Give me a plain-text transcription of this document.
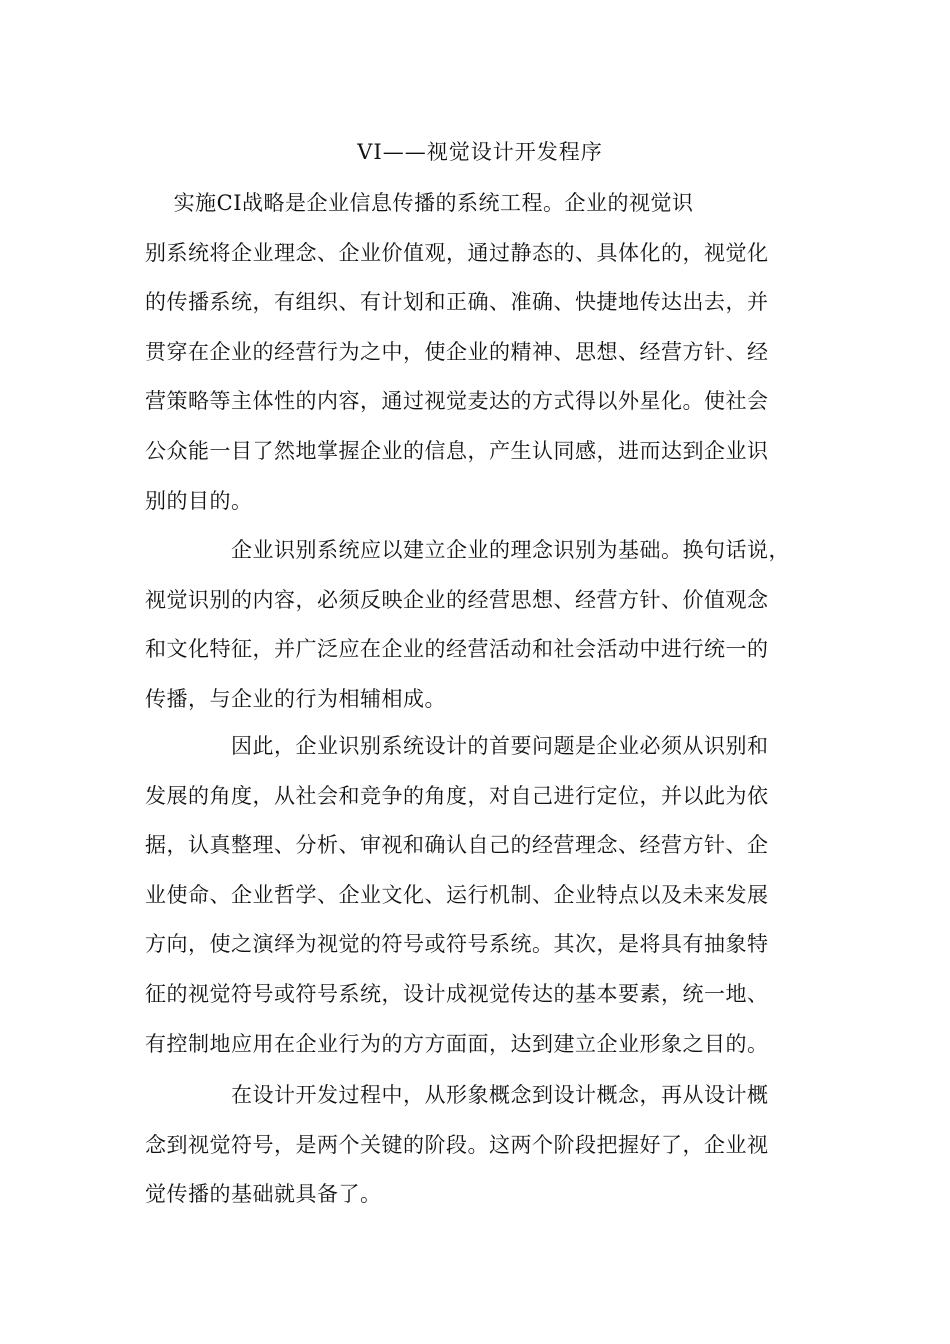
VI——视觉设计开发程序
　 实施CI战略是企业信息传播的系统工程。企业的视觉识
别系统将企业理念、企业价值观，通过静态的、具体化的，视觉化
的传播系统，有组织、有计划和正确、准确、快捷地传达出去，并
贯穿在企业的经营行为之中，使企业的精神、思想、经营方针、经
营策略等主体性的内容，通过视觉麦达的方式得以外星化。使社会
公众能一目了然地掌握企业的信息，产生认同感，进而达到企业识
别的目的。
　　　　企业识别系统应以建立企业的理念识别为基础。换句话说，
视觉识别的内容，必须反映企业的经营思想、经营方针、价值观念
和文化特征，并广泛应在企业的经营活动和社会活动中进行统一的
传播，与企业的行为相辅相成。
　　　　因此，企业识别系统设计的首要问题是企业必须从识别和
发展的角度，从社会和竞争的角度，对自己进行定位，并以此为依
据，认真整理、分析、审视和确认自己的经营理念、经营方针、企
业使命、企业哲学、企业文化、运行机制、企业特点以及未来发展
方向，使之演绎为视觉的符号或符号系统。其次，是将具有抽象特
征的视觉符号或符号系统，设计成视觉传达的基本要素，统一地、
有控制地应用在企业行为的方方面面，达到建立企业形象之目的。
　　　　在设计开发过程中，从形象概念到设计概念，再从设计概
念到视觉符号，是两个关键的阶段。这两个阶段把握好了，企业视
觉传播的基础就具备了。
